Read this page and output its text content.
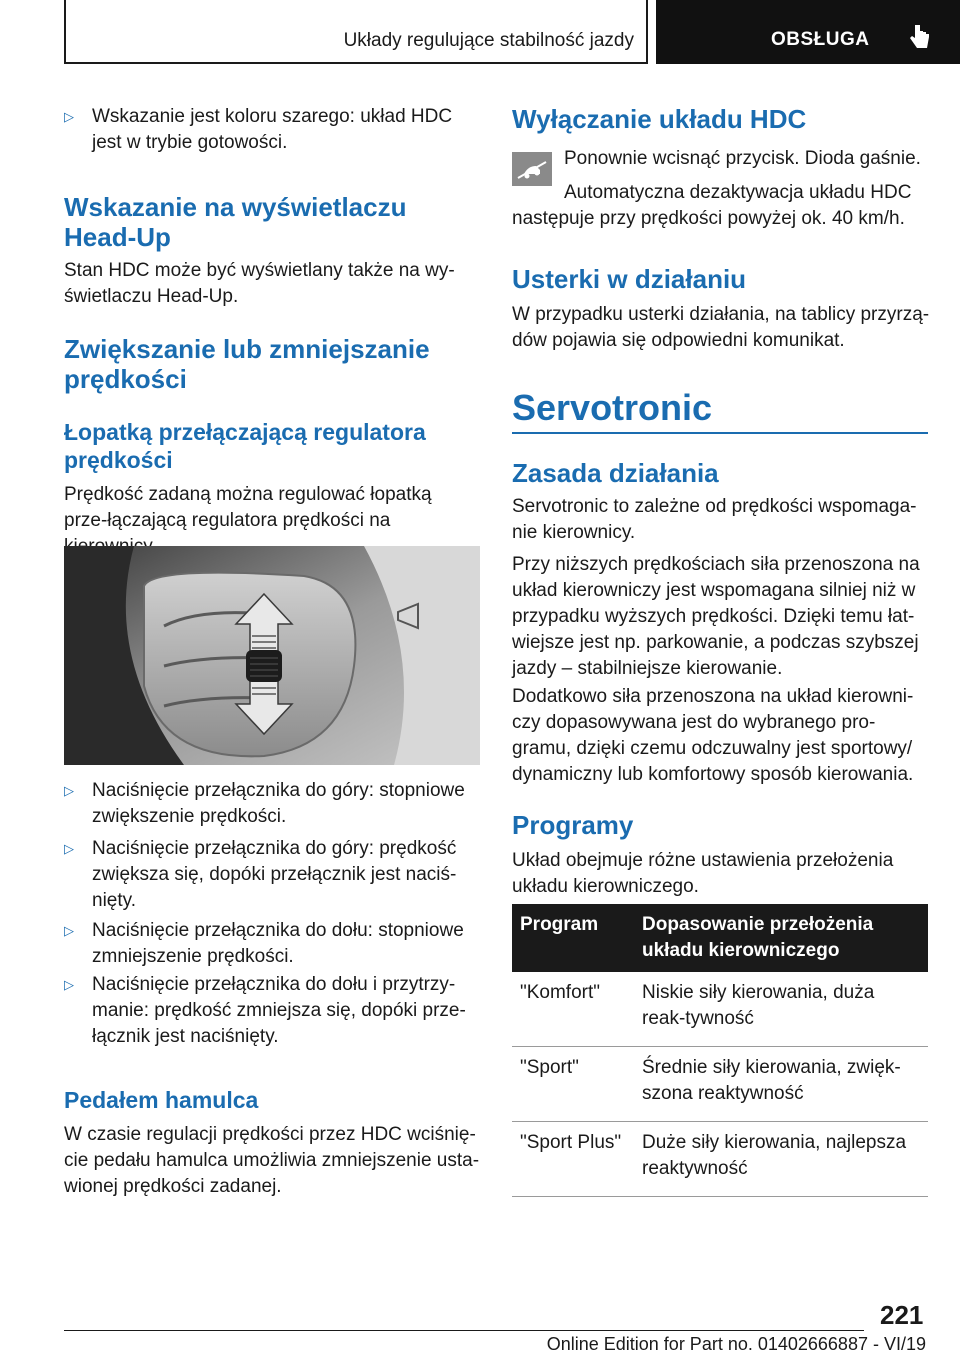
Układy regulujące stabilność jazdy	OBSŁUGA
▷ Wskazanie jest koloru szarego: układ HDC jest w trybie gotowości.
Wskazanie na wyświetlaczu Head-Up

Stan HDC może być wyświetlany także na wy-świetlaczu Head-Up.

Zwiększanie lub zmniejszanie prędkości
Łopatką przełączającą regulatora prędkości

Prędkość zadaną można regulować łopatką prze-łączającą regulatora prędkości na

▷ Naciśnięcie przełącznika do góry: stopniowe zwiększenie prędkości.
▷ Naciśnięcie przełącznika do góry: prędkość zwiększa się, dopóki przełącznik jest naciś-nięty.
▷ Naciśnięcie przełącznika do dołu: stopniowe zmniejszenie prędkości.
▷ Naciśnięcie przełącznika do dołu i przytrzy-manie: prędkość zmniejsza się, dopóki prze-łącznik jest naciśnięty.
Pedałem hamulca

W czasie regulacji prędkości przez HDC wciśnię-cie pedału hamulca umożliwia zmniejszenie usta-wionej prędkości zadanej.

Wyłączanie układu HDC

Ponownie wcisnąć przycisk. Dioda gaśnie.

Automatyczna dezaktywacja układu HDC

następuje przy prędkości powyżej ok. 40 km/h.

Usterki w działaniu

W przypadku usterki działania, na tablicy przyrzą-dów pojawia się odpowiedni komunikat.

Servotronic
Zasada działania

Servotronic to zależne od prędkości wspomaga-nie kierownicy.

Przy niższych prędkościach siła przenoszona na układ kierowniczy jest wspomagana silniej niż w przypadku wyższych prędkości. Dzięki temu łat-wiejsze jest np. parkowanie, a podczas szybszej jazdy – stabilniejsze kierowanie.

Dodatkowo siła przenoszona na układ kierowni-czy dopasowywana jest do wybranego pro-gramu, dzięki czemu odczuwalny jest sportowy/ dynamiczny lub komfortowy sposób kierowania.

Programy

Układ obejmuje różne ustawienia przełożenia układu kierowniczego.

Program	Dopasowanie przełożenia układu kierowniczego
"Komfort"	Niskie siły kierowania, duża reak-tywność
"Sport"	Średnie siły kierowania, zwięk-szona reaktywność
"Sport Plus"	Duże siły kierowania, najlepsza reaktywność
221
Online Edition for Part no. 01402666887 - VI/19
